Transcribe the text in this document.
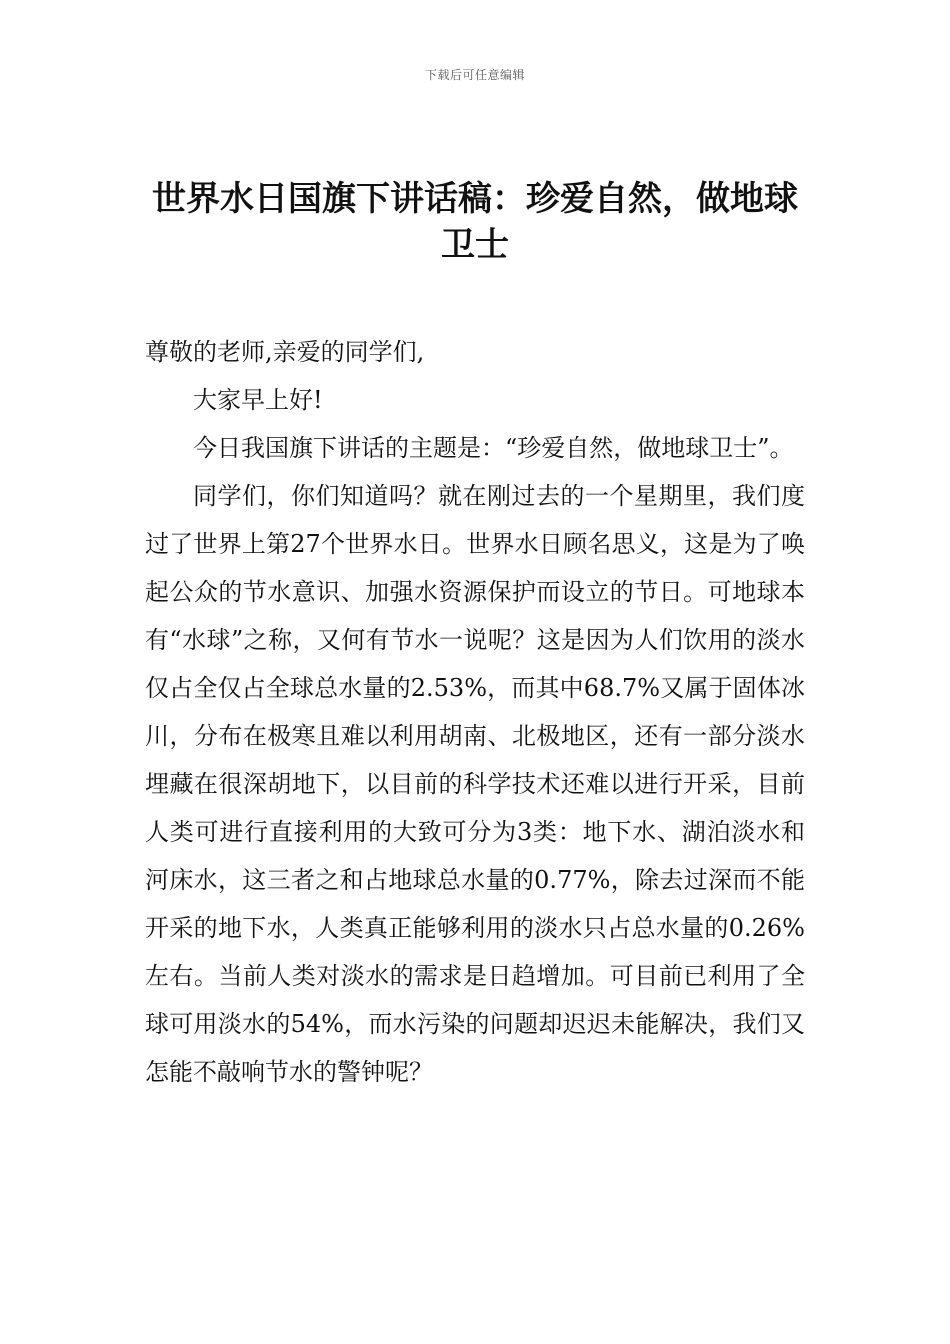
下载后可任意编辑
世界水日国旗下讲话稿：珍爱自然，做地球卫士

尊敬的老师,亲爱的同学们,

大家早上好!

今日我国旗下讲话的主题是：“珍爱自然，做地球卫士”。

同学们，你们知道吗？就在刚过去的一个星期里，我们度过了世界上第27个世界水日。世界水日顾名思义，这是为了唤起公众的节水意识、加强水资源保护而设立的节日。可地球本有“水球”之称，又何有节水一说呢？这是因为人们饮用的淡水仅占全仅占全球总水量的2.53%，而其中68.7%又属于固体冰川，分布在极寒且难以利用胡南、北极地区，还有一部分淡水埋藏在很深胡地下，以目前的科学技术还难以进行开采，目前人类可进行直接利用的大致可分为3类：地下水、湖泊淡水和河床水，这三者之和占地球总水量的0.77%，除去过深而不能开采的地下水，人类真正能够利用的淡水只占总水量的0.26%左右。当前人类对淡水的需求是日趋增加。可目前已利用了全球可用淡水的54%，而水污染的问题却迟迟未能解决，我们又怎能不敲响节水的警钟呢？
